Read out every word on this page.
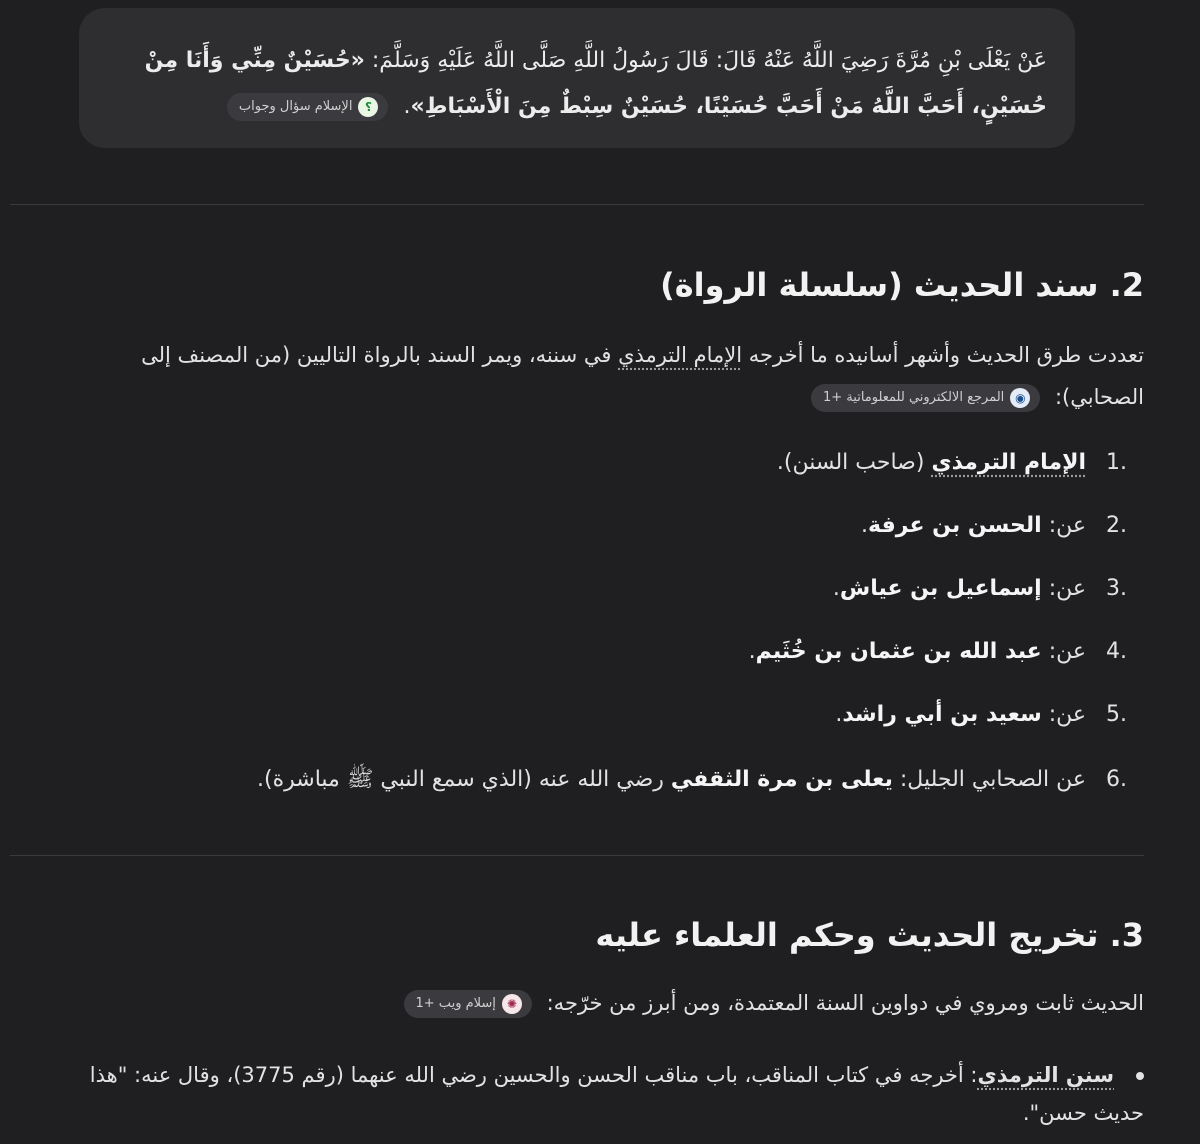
عَنْ يَعْلَى بْنِ مُرَّةَ رَضِيَ اللَّهُ عَنْهُ قَالَ: قَالَ رَسُولُ اللَّهِ صَلَّى اللَّهُ عَلَيْهِ وَسَلَّمَ: «حُسَيْنٌ مِنِّي وَأَنَا مِنْ حُسَيْنٍ، أَحَبَّ اللَّهُ مَنْ أَحَبَّ حُسَيْنًا، حُسَيْنٌ سِبْطٌ مِنَ الْأَسْبَاطِ».
؟
الإسلام سؤال وجواب

2. سند الحديث (سلسلة الرواة)

تعددت طرق الحديث وأشهر أسانيده ما أخرجه الإمام الترمذي في سننه، ويمر السند بالرواة التاليين (من المصنف إلى الصحابي):
◉
المرجع الالكتروني للمعلوماتية +1

1.الإمام الترمذي (صاحب السنن).
2.عن: الحسن بن عرفة.
3.عن: إسماعيل بن عياش.
4.عن: عبد الله بن عثمان بن خُثَيم.
5.عن: سعيد بن أبي راشد.
6.عن الصحابي الجليل: يعلى بن مرة الثقفي رضي الله عنه (الذي سمع النبي ﷺ مباشرة).
3. تخريج الحديث وحكم العلماء عليه

الحديث ثابت ومروي في دواوين السنة المعتمدة، ومن أبرز من خرّجه:
✺
إسلام ويب +1

سنن الترمذي: أخرجه في كتاب المناقب، باب مناقب الحسن والحسين رضي الله عنهما (رقم 3775)، وقال عنه: "هذا حديث حسن".
